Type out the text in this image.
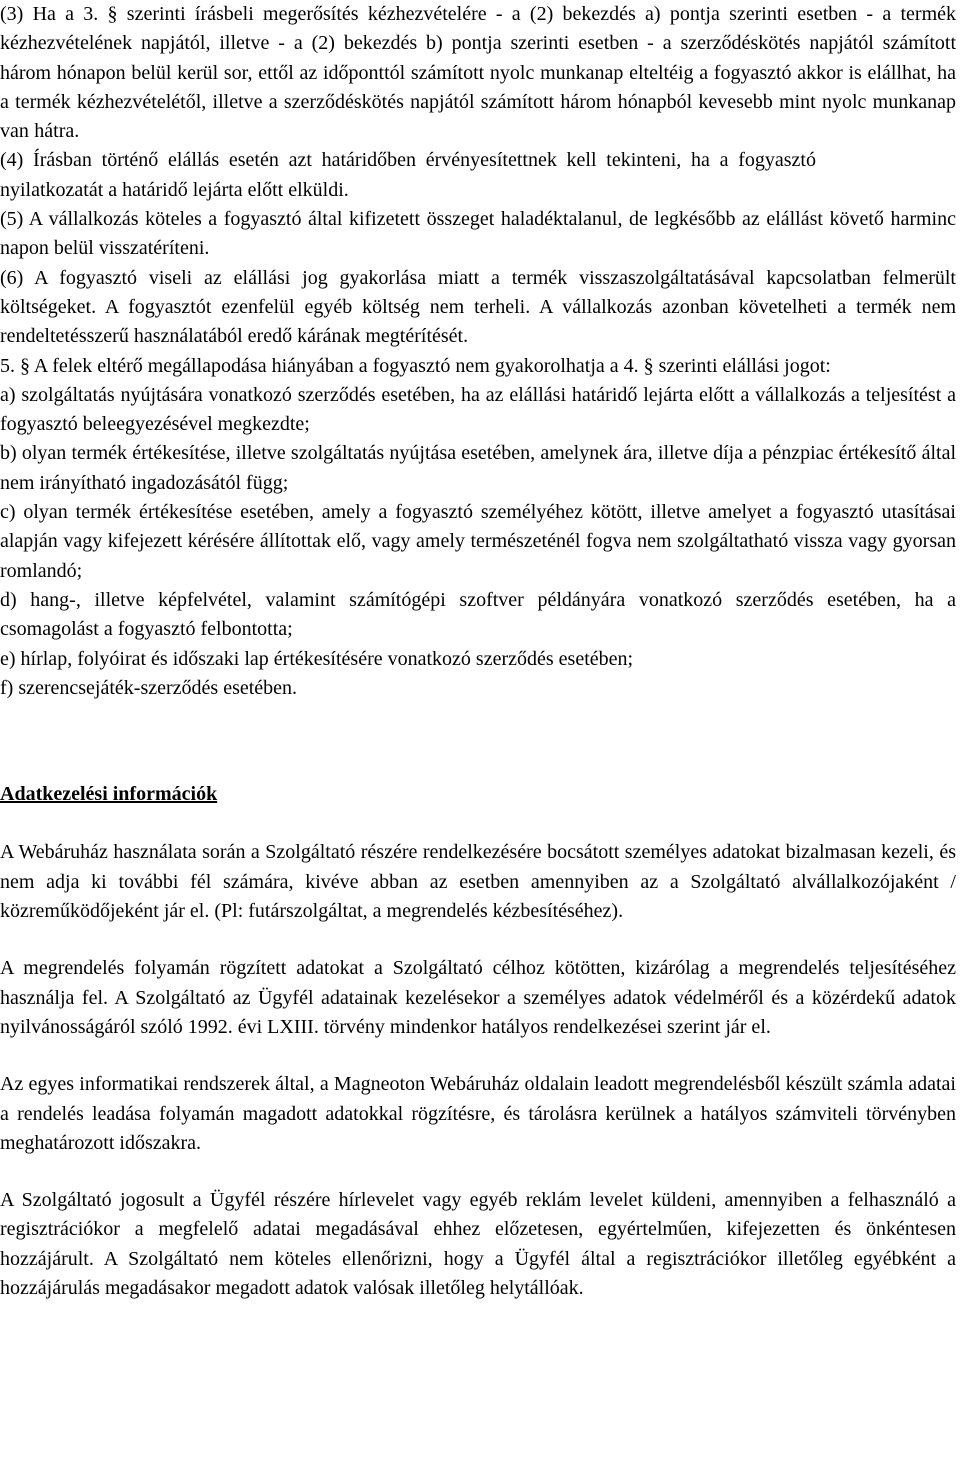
(3) Ha a 3. § szerinti írásbeli megerősítés kézhezvételére - a (2) bekezdés a) pontja szerinti esetben - a termék kézhezvételének napjától, illetve - a (2) bekezdés b) pontja szerinti esetben - a szerződéskötés napjától számított három hónapon belül kerül sor, ettől az időponttól számított nyolc munkanap elteltéig a fogyasztó akkor is elállhat, ha a termék kézhezvételétől, illetve a szerződéskötés napjától számított három hónapból kevesebb mint nyolc munkanap van hátra.

(4) Írásban történő elállás esetén azt határidőben érvényesítettnek kell tekinteni, ha a fogyasztó nyilatkozatát a határidő lejárta előtt elküldi.

(5) A vállalkozás köteles a fogyasztó által kifizetett összeget haladéktalanul, de legkésőbb az elállást követő harminc napon belül visszatéríteni.

(6) A fogyasztó viseli az elállási jog gyakorlása miatt a termék visszaszolgáltatásával kapcsolatban felmerült költségeket. A fogyasztót ezenfelül egyéb költség nem terheli. A vállalkozás azonban követelheti a termék nem rendeltetésszerű használatából eredő kárának megtérítését.

5. § A felek eltérő megállapodása hiányában a fogyasztó nem gyakorolhatja a 4. § szerinti elállási jogot:

a) szolgáltatás nyújtására vonatkozó szerződés esetében, ha az elállási határidő lejárta előtt a vállalkozás a teljesítést a fogyasztó beleegyezésével megkezdte;

b) olyan termék értékesítése, illetve szolgáltatás nyújtása esetében, amelynek ára, illetve díja a pénzpiac értékesítő által nem irányítható ingadozásától függ;

c) olyan termék értékesítése esetében, amely a fogyasztó személyéhez kötött, illetve amelyet a fogyasztó utasításai alapján vagy kifejezett kérésére állítottak elő, vagy amely természeténél fogva nem szolgáltatható vissza vagy gyorsan romlandó;

d) hang-, illetve képfelvétel, valamint számítógépi szoftver példányára vonatkozó szerződés esetében, ha a csomagolást a fogyasztó felbontotta;

e) hírlap, folyóirat és időszaki lap értékesítésére vonatkozó szerződés esetében;

f) szerencsejáték-szerződés esetében.

Adatkezelési információk

A Webáruház használata során a Szolgáltató részére rendelkezésére bocsátott személyes adatokat bizalmasan kezeli, és nem adja ki további fél számára, kivéve abban az esetben amennyiben az a Szolgáltató alvállalkozójaként / közreműködőjeként jár el. (Pl: futárszolgáltat, a megrendelés kézbesítéséhez).

A megrendelés folyamán rögzített adatokat a Szolgáltató célhoz kötötten, kizárólag a megrendelés teljesítéséhez használja fel. A Szolgáltató az Ügyfél adatainak kezelésekor a személyes adatok védelméről és a közérdekű adatok nyilvánosságáról szóló 1992. évi LXIII. törvény mindenkor hatályos rendelkezései szerint jár el.

Az egyes informatikai rendszerek által, a Magneoton Webáruház oldalain leadott megrendelésből készült számla adatai a rendelés leadása folyamán magadott adatokkal rögzítésre, és tárolásra kerülnek a hatályos számviteli törvényben meghatározott időszakra.

A Szolgáltató jogosult a Ügyfél részére hírlevelet vagy egyéb reklám levelet küldeni, amennyiben a felhasználó a regisztrációkor a megfelelő adatai megadásával ehhez előzetesen, egyértelműen, kifejezetten és önkéntesen hozzájárult. A Szolgáltató nem köteles ellenőrizni, hogy a Ügyfél által a regisztrációkor illetőleg egyébként a hozzájárulás megadásakor megadott adatok valósak illetőleg helytállóak.
